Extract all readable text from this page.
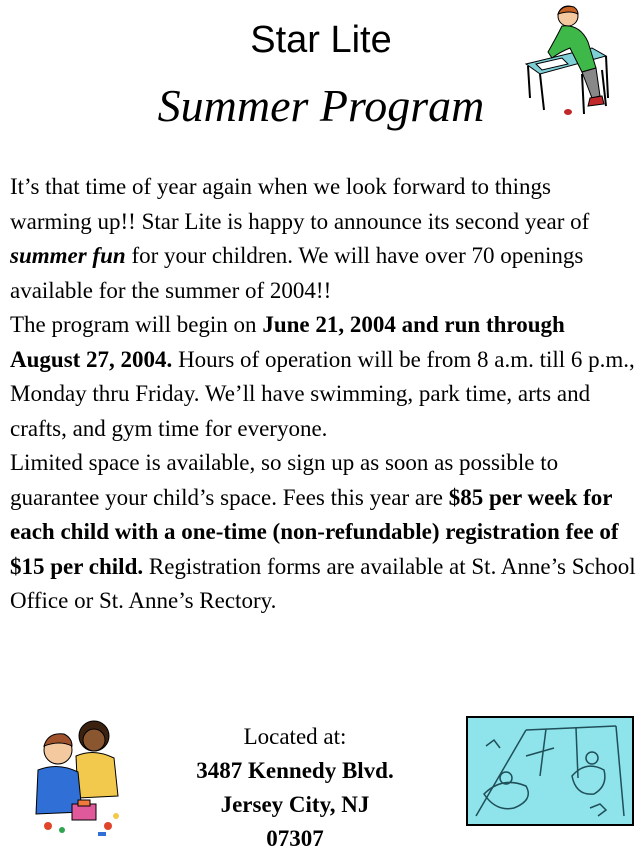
Star Lite
Summer Program

It’s that time of year again when we look forward to things warming up!! Star Lite is happy to announce its second year of summer fun for your children. We will have over 70 openings available for the summer of 2004!!

The program will begin on June 21, 2004 and run through August 27, 2004. Hours of operation will be from 8 a.m. till 6 p.m., Monday thru Friday. We’ll have swimming, park time, arts and crafts, and gym time for everyone.

Limited space is available, so sign up as soon as possible to guarantee your child’s space. Fees this year are $85 per week for each child with a one-time (non-refundable) registration fee of $15 per child. Registration forms are available at St. Anne’s School Office or St. Anne’s Rectory.

Located at:
3487 Kennedy Blvd.
Jersey City, NJ
07307
